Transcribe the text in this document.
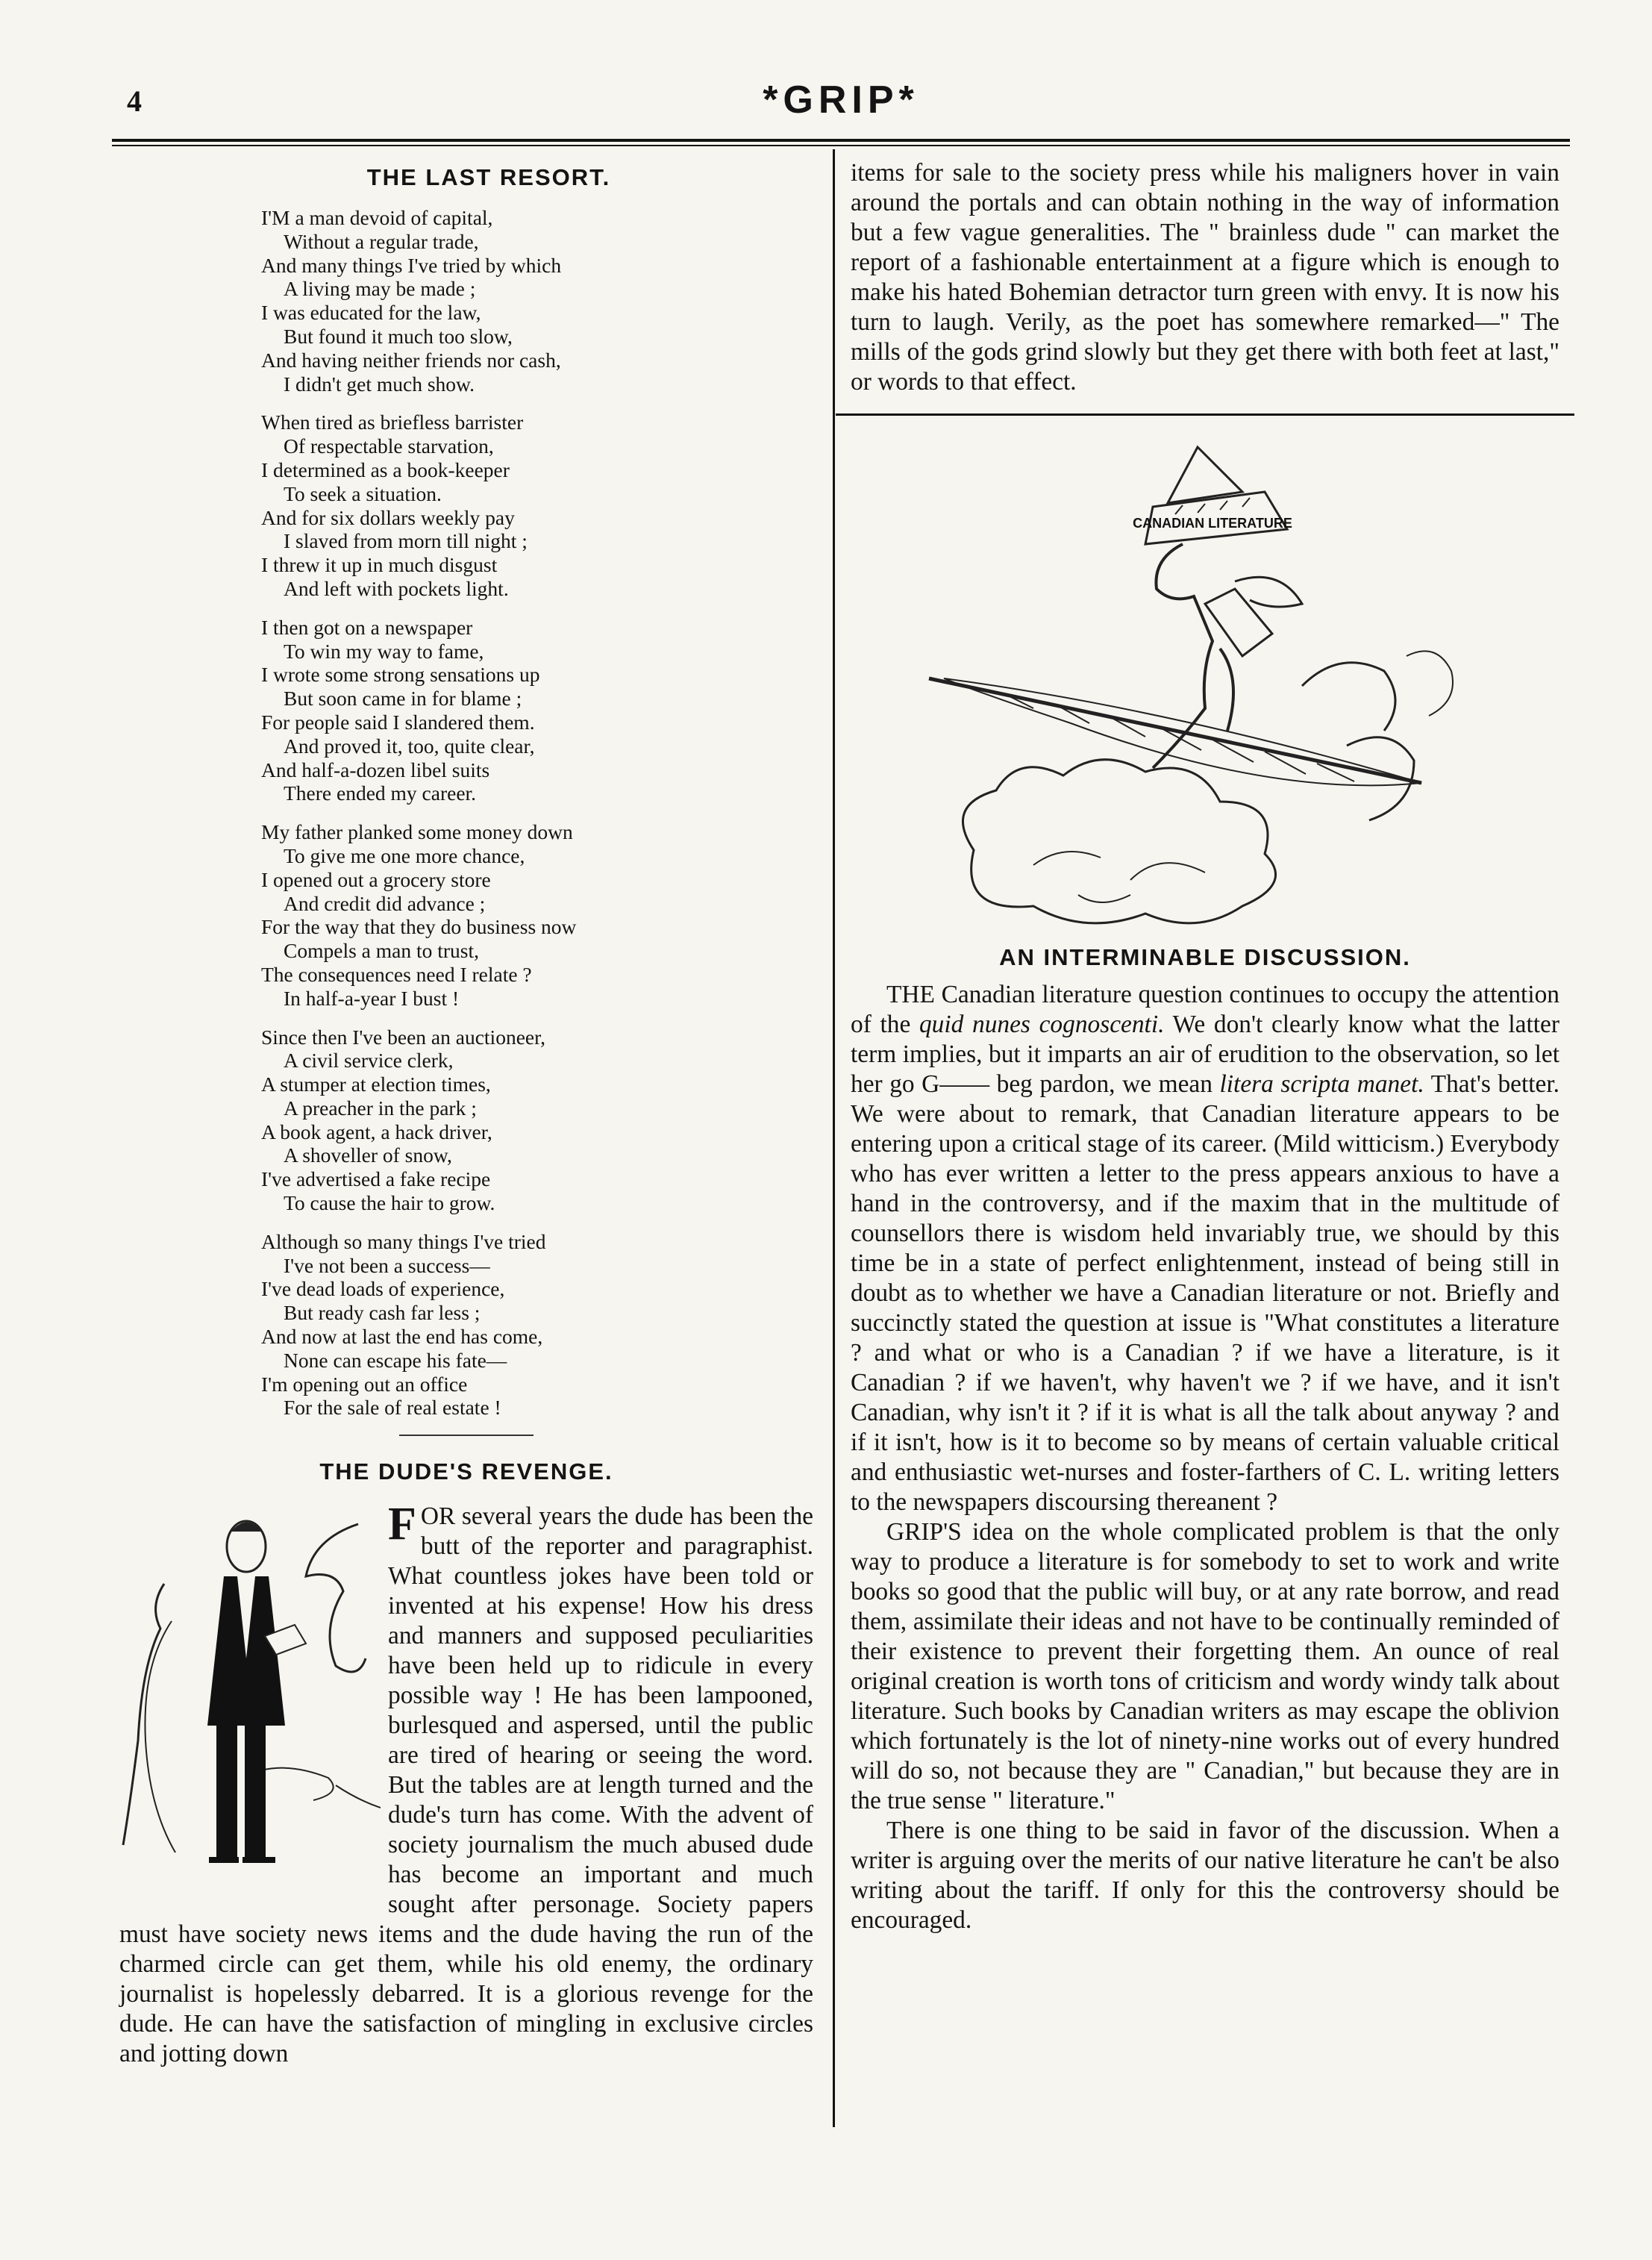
4	*GRIP*
THE LAST RESORT.
I'M a man devoid of capital,
Without a regular trade,
And many things I've tried by which
A living may be made ;
I was educated for the law,
But found it much too slow,
And having neither friends nor cash,
I didn't get much show.
When tired as briefless barrister
Of respectable starvation,
I determined as a book-keeper
To seek a situation.
And for six dollars weekly pay
I slaved from morn till night ;
I threw it up in much disgust
And left with pockets light.
I then got on a newspaper
To win my way to fame,
I wrote some strong sensations up
But soon came in for blame ;
For people said I slandered them.
And proved it, too, quite clear,
And half-a-dozen libel suits
There ended my career.
My father planked some money down
To give me one more chance,
I opened out a grocery store
And credit did advance ;
For the way that they do business now
Compels a man to trust,
The consequences need I relate ?
In half-a-year I bust !
Since then I've been an auctioneer,
A civil service clerk,
A stumper at election times,
A preacher in the park ;
A book agent, a hack driver,
A shoveller of snow,
I've advertised a fake recipe
To cause the hair to grow.
Although so many things I've tried
I've not been a success—
I've dead loads of experience,
But ready cash far less ;
And now at last the end has come,
None can escape his fate—
I'm opening out an office
For the sale of real estate !
THE DUDE'S REVENGE.
F OR several years the dude has been the butt of the reporter and paragraphist. What countless jokes have been told or invented at his expense! How his dress and manners and supposed peculiarities have been held up to ridicule in every possible way ! He has been lampooned, burlesqued and aspersed, until the public are tired of hearing or seeing the word. But the tables are at length turned and the dude's turn has come. With the advent of society journalism the much abused dude has become an important and much sought after personage. Society papers must have society news items and the dude having the run of the charmed circle can get them, while his old enemy, the ordinary journalist is hopelessly debarred. It is a glorious revenge for the dude. He can have the satisfaction of mingling in exclusive circles and jotting down
items for sale to the society press while his maligners hover in vain around the portals and can obtain nothing in the way of information but a few vague generalities. The " brainless dude " can market the report of a fashionable entertainment at a figure which is enough to make his hated Bohemian detractor turn green with envy. It is now his turn to laugh. Verily, as the poet has somewhere remarked—" The mills of the gods grind slowly but they get there with both feet at last," or words to that effect.
CANADIAN LITERATURE
AN INTERMINABLE DISCUSSION.

THE Canadian literature question continues to occupy the attention of the quid nunes cognoscenti. We don't clearly know what the latter term implies, but it imparts an air of erudition to the observation, so let her go G—— beg pardon, we mean litera scripta manet. That's better. We were about to remark, that Canadian literature appears to be entering upon a critical stage of its career. (Mild witticism.) Everybody who has ever written a letter to the press appears anxious to have a hand in the controversy, and if the maxim that in the multitude of counsellors there is wisdom held invariably true, we should by this time be in a state of perfect enlightenment, instead of being still in doubt as to whether we have a Canadian literature or not. Briefly and succinctly stated the question at issue is "What constitutes a literature ? and what or who is a Canadian ? if we have a literature, is it Canadian ? if we haven't, why haven't we ? if we have, and it isn't Canadian, why isn't it ? if it is what is all the talk about anyway ? and if it isn't, how is it to become so by means of certain valuable critical and enthusiastic wet-nurses and foster-farthers of C. L. writing letters to the newspapers discoursing thereanent ?

GRIP'S idea on the whole complicated problem is that the only way to produce a literature is for somebody to set to work and write books so good that the public will buy, or at any rate borrow, and read them, assimilate their ideas and not have to be continually reminded of their existence to prevent their forgetting them. An ounce of real original creation is worth tons of criticism and wordy windy talk about literature. Such books by Canadian writers as may escape the oblivion which fortunately is the lot of ninety-nine works out of every hundred will do so, not because they are " Canadian," but because they are in the true sense " literature."

There is one thing to be said in favor of the discussion. When a writer is arguing over the merits of our native literature he can't be also writing about the tariff. If only for this the controversy should be encouraged.
